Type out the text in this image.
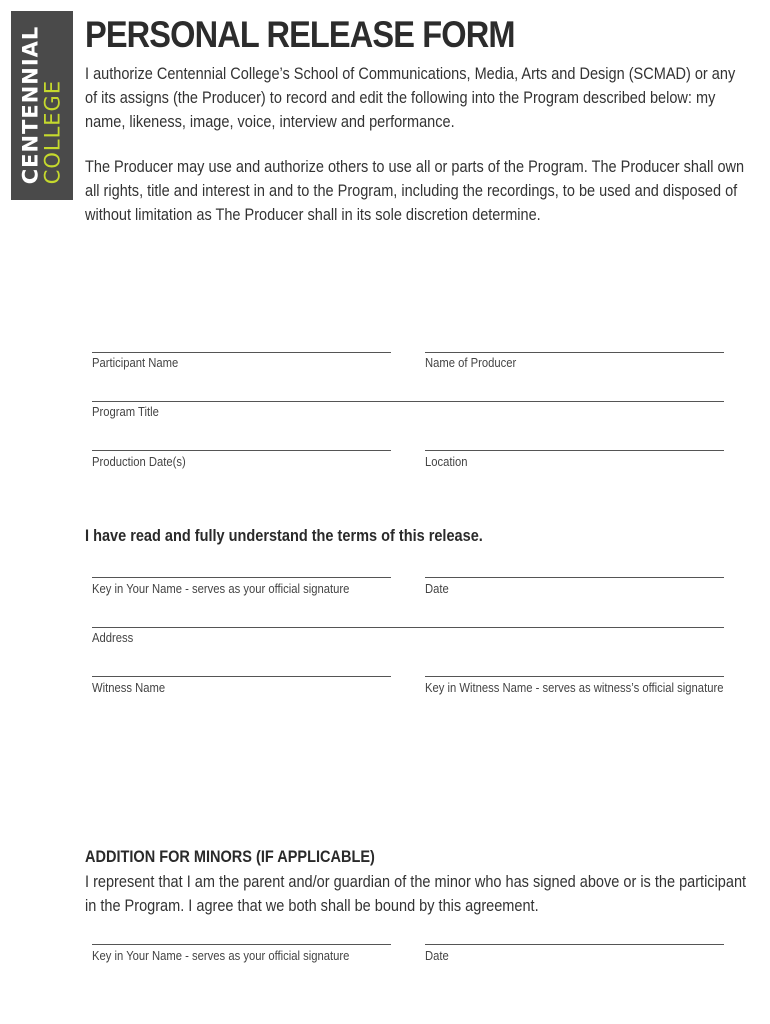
CENTENNIAL
COLLEGE
PERSONAL RELEASE FORM

I authorize Centennial College’s School of Communications, Media, Arts and Design (SCMAD) or any of its assigns (the Producer) to record and edit the following into the Program described below: my name, likeness, image, voice, interview and performance.

The Producer may use and authorize others to use all or parts of the Program. The Producer shall own all rights, title and interest in and to the Program, including the recordings, to be used and disposed of without limitation as The Producer shall in its sole discretion determine.

Participant Name	Name of Producer
Program Title
Production Date(s)	Location
I have read and fully understand the terms of this release.
Key in Your Name - serves as your official signature	Date
Address
Witness Name	Key in Witness Name - serves as witness’s official signature
ADDITION FOR MINORS (IF APPLICABLE)

I represent that I am the parent and/or guardian of the minor who has signed above or is the participant in the Program. I agree that we both shall be bound by this agreement.

Key in Your Name - serves as your official signature	Date
